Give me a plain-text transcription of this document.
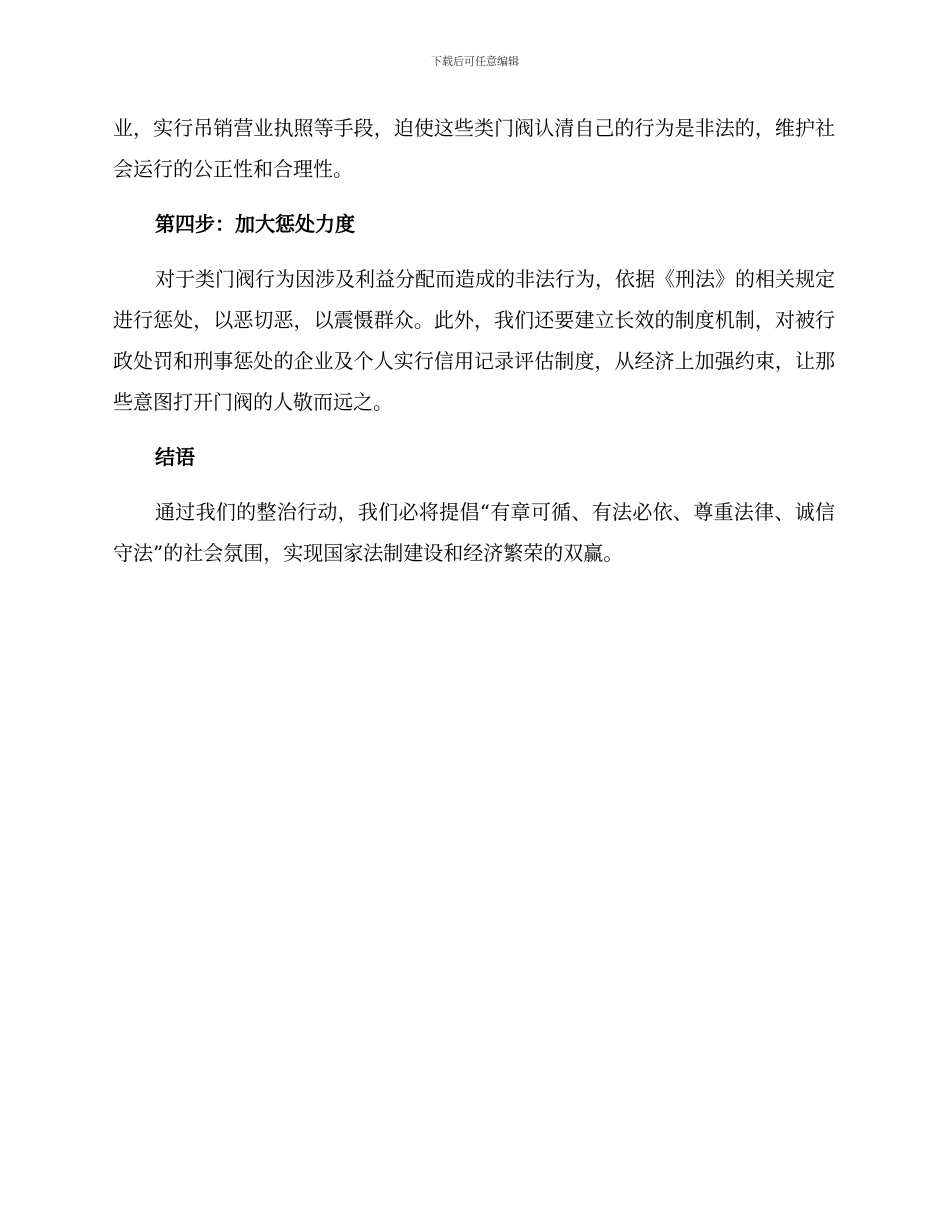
下载后可任意编辑

业，实行吊销营业执照等手段，迫使这些类门阀认清自己的行为是非法的，维护社会运行的公正性和合理性。

第四步：加大惩处力度

对于类门阀行为因涉及利益分配而造成的非法行为，依据《刑法》的相关规定进行惩处，以恶切恶，以震慑群众。此外，我们还要建立长效的制度机制，对被行政处罚和刑事惩处的企业及个人实行信用记录评估制度，从经济上加强约束，让那些意图打开门阀的人敬而远之。

结语

通过我们的整治行动，我们必将提倡“有章可循、有法必依、尊重法律、诚信守法”的社会氛围，实现国家法制建设和经济繁荣的双赢。
